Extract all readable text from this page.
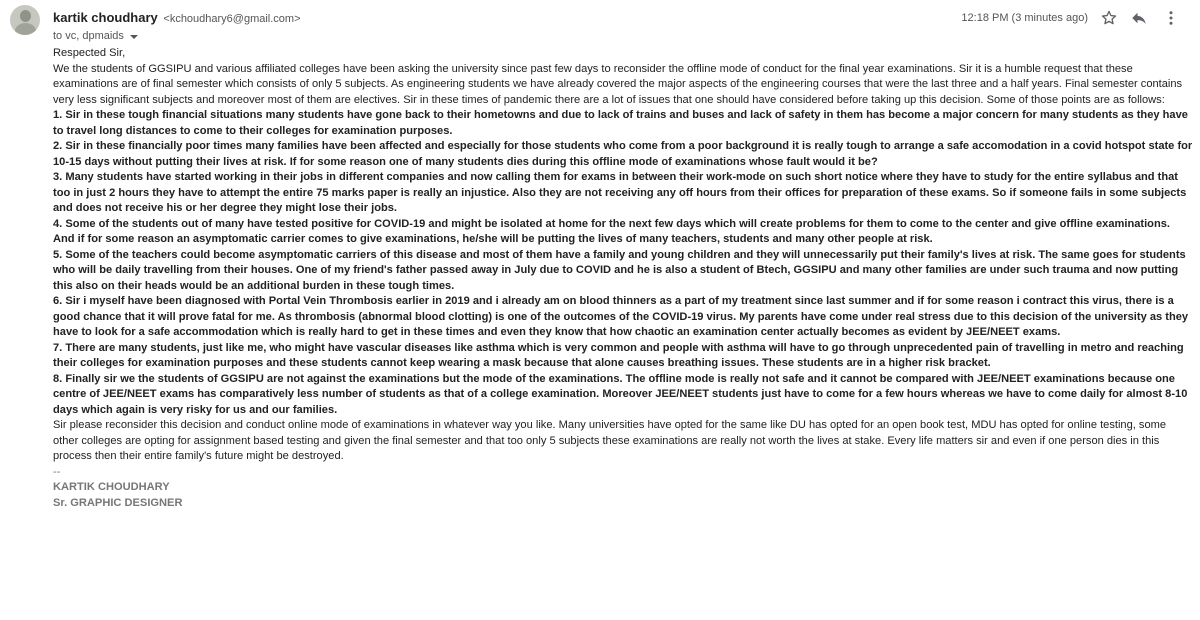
kartik choudhary <kchoudhary6@gmail.com>
to vc, dpmaids
12:18 PM (3 minutes ago)

Respected Sir,

We the students of GGSIPU and various affiliated colleges have been asking the university since past few days to reconsider the offline mode of conduct for the final year examinations. Sir it is a humble request that these examinations are of final semester which consists of only 5 subjects. As engineering students we have already covered the major aspects of the engineering courses that were the last three and a half years. Final semester contains very less significant subjects and moreover most of them are electives. Sir in these times of pandemic there are a lot of issues that one should have considered before taking up this decision. Some of those points are as follows:

1. Sir in these tough financial situations many students have gone back to their hometowns and due to lack of trains and buses and lack of safety in them has become a major concern for many students as they have to travel long distances to come to their colleges for examination purposes.

2. Sir in these financially poor times many families have been affected and especially for those students who come from a poor background it is really tough to arrange a safe accomodation in a covid hotspot state for 10-15 days without putting their lives at risk. If for some reason one of many students dies during this offline mode of examinations whose fault would it be?

3. Many students have started working in their jobs in different companies and now calling them for exams in between their work-mode on such short notice where they have to study for the entire syllabus and that too in just 2 hours they have to attempt the entire 75 marks paper is really an injustice. Also they are not receiving any off hours from their offices for preparation of these exams. So if someone fails in some subjects and does not receive his or her degree they might lose their jobs.

4. Some of the students out of many have tested positive for COVID-19 and might be isolated at home for the next few days which will create problems for them to come to the center and give offline examinations. And if for some reason an asymptomatic carrier comes to give examinations, he/she will be putting the lives of many teachers, students and many other people at risk.

5. Some of the teachers could become asymptomatic carriers of this disease and most of them have a family and young children and they will unnecessarily put their family's lives at risk. The same goes for students who will be daily travelling from their houses. One of my friend's father passed away in July due to COVID and he is also a student of Btech, GGSIPU and many other families are under such trauma and now putting this also on their heads would be an additional burden in these tough times.

6. Sir i myself have been diagnosed with Portal Vein Thrombosis earlier in 2019 and i already am on blood thinners as a part of my treatment since last summer and if for some reason i contract this virus, there is a good chance that it will prove fatal for me. As thrombosis (abnormal blood clotting) is one of the outcomes of the COVID-19 virus. My parents have come under real stress due to this decision of the university as they have to look for a safe accommodation which is really hard to get in these times and even they know that how chaotic an examination center actually becomes as evident by JEE/NEET exams.

7. There are many students, just like me, who might have vascular diseases like asthma which is very common and people with asthma will have to go through unprecedented pain of travelling in metro and reaching their colleges for examination purposes and these students cannot keep wearing a mask because that alone causes breathing issues. These students are in a higher risk bracket.

8. Finally sir we the students of GGSIPU are not against the examinations but the mode of the examinations. The offline mode is really not safe and it cannot be compared with JEE/NEET examinations because one centre of JEE/NEET exams has comparatively less number of students as that of a college examination. Moreover JEE/NEET students just have to come for a few hours whereas we have to come daily for almost 8-10 days which again is very risky for us and our families.

Sir please reconsider this decision and conduct online mode of examinations in whatever way you like. Many universities have opted for the same like DU has opted for an open book test, MDU has opted for online testing, some other colleges are opting for assignment based testing and given the final semester and that too only 5 subjects these examinations are really not worth the lives at stake. Every life matters sir and even if one person dies in this process then their entire family's future might be destroyed.

--
KARTIK CHOUDHARY
Sr. GRAPHIC DESIGNER
